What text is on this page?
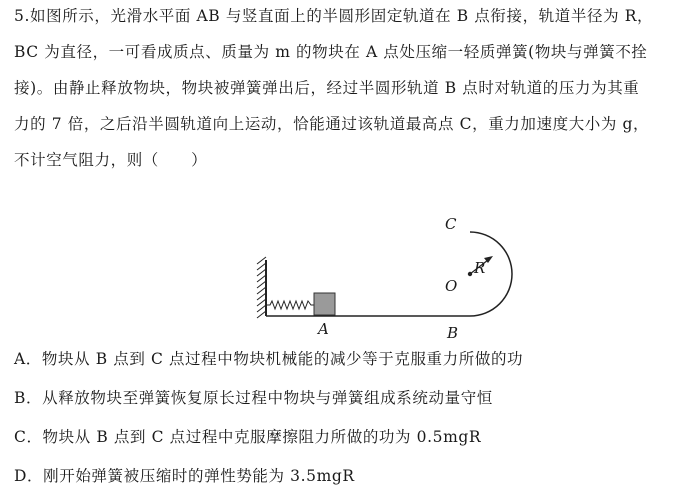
5.如图所示，光滑水平面 AB 与竖直面上的半圆形固定轨道在 B 点衔接，轨道半径为 R，
BC 为直径，一可看成质点、质量为 m 的物块在 A 点处压缩一轻质弹簧(物块与弹簧不拴
接)。由静止释放物块，物块被弹簧弹出后，经过半圆形轨道 B 点时对轨道的压力为其重
力的 7 倍，之后沿半圆轨道向上运动，恰能通过该轨道最高点 C，重力加速度大小为 g，
不计空气阻力，则（　　）
A	B
C
O
R
A．物块从 B 点到 C 点过程中物块机械能的减少等于克服重力所做的功
B．从释放物块至弹簧恢复原长过程中物块与弹簧组成系统动量守恒
C．物块从 B 点到 C 点过程中克服摩擦阻力所做的功为 0.5mgR
D．刚开始弹簧被压缩时的弹性势能为 3.5mgR
